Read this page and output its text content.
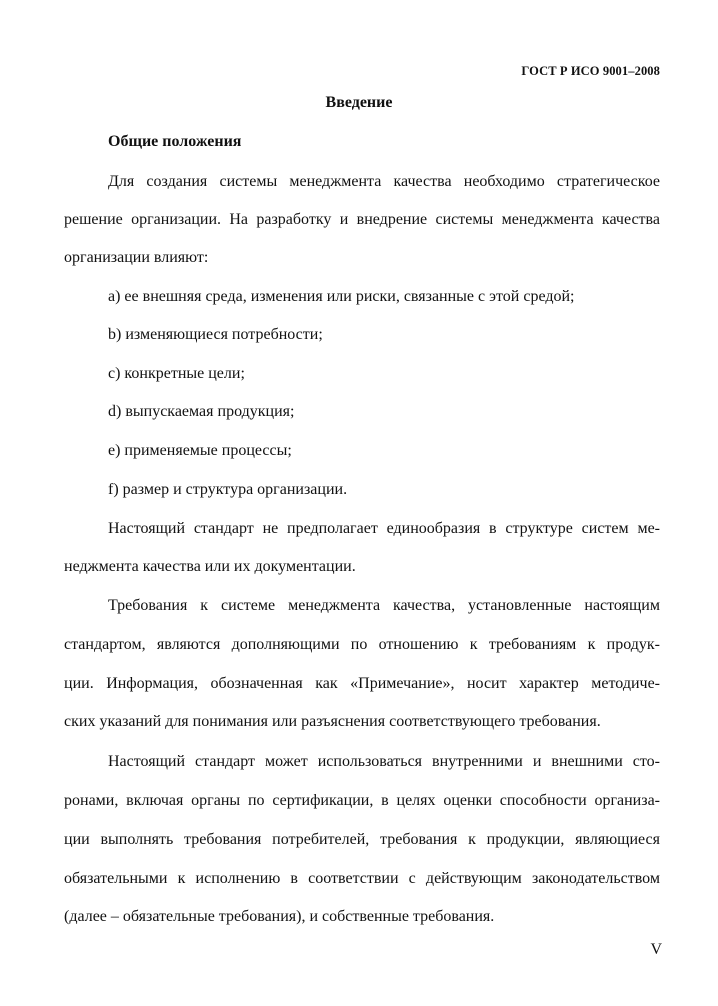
ГОСТ Р ИСО 9001–2008
Введение
Общие положения
Для создания системы менеджмента качества необходимо стратегическое
решение организации. На разработку и внедрение системы менеджмента качества
организации влияют:
a) ее внешняя среда, изменения или риски, связанные с этой средой;
b) изменяющиеся потребности;
c) конкретные цели;
d) выпускаемая продукция;
e) применяемые процессы;
f) размер и структура организации.
Настоящий стандарт не предполагает единообразия в структуре систем ме-
неджмента качества или их документации.
Требования к системе менеджмента качества, установленные настоящим
стандартом, являются дополняющими по отношению к требованиям к продук-
ции. Информация, обозначенная как «Примечание», носит характер методиче-
ских указаний для понимания или разъяснения соответствующего требования.
Настоящий стандарт может использоваться внутренними и внешними сто-
ронами, включая органы по сертификации, в целях оценки способности организа-
ции выполнять требования потребителей, требования к продукции, являющиеся
обязательными к исполнению в соответствии с действующим законодательством
(далее – обязательные требования), и собственные требования.
V
